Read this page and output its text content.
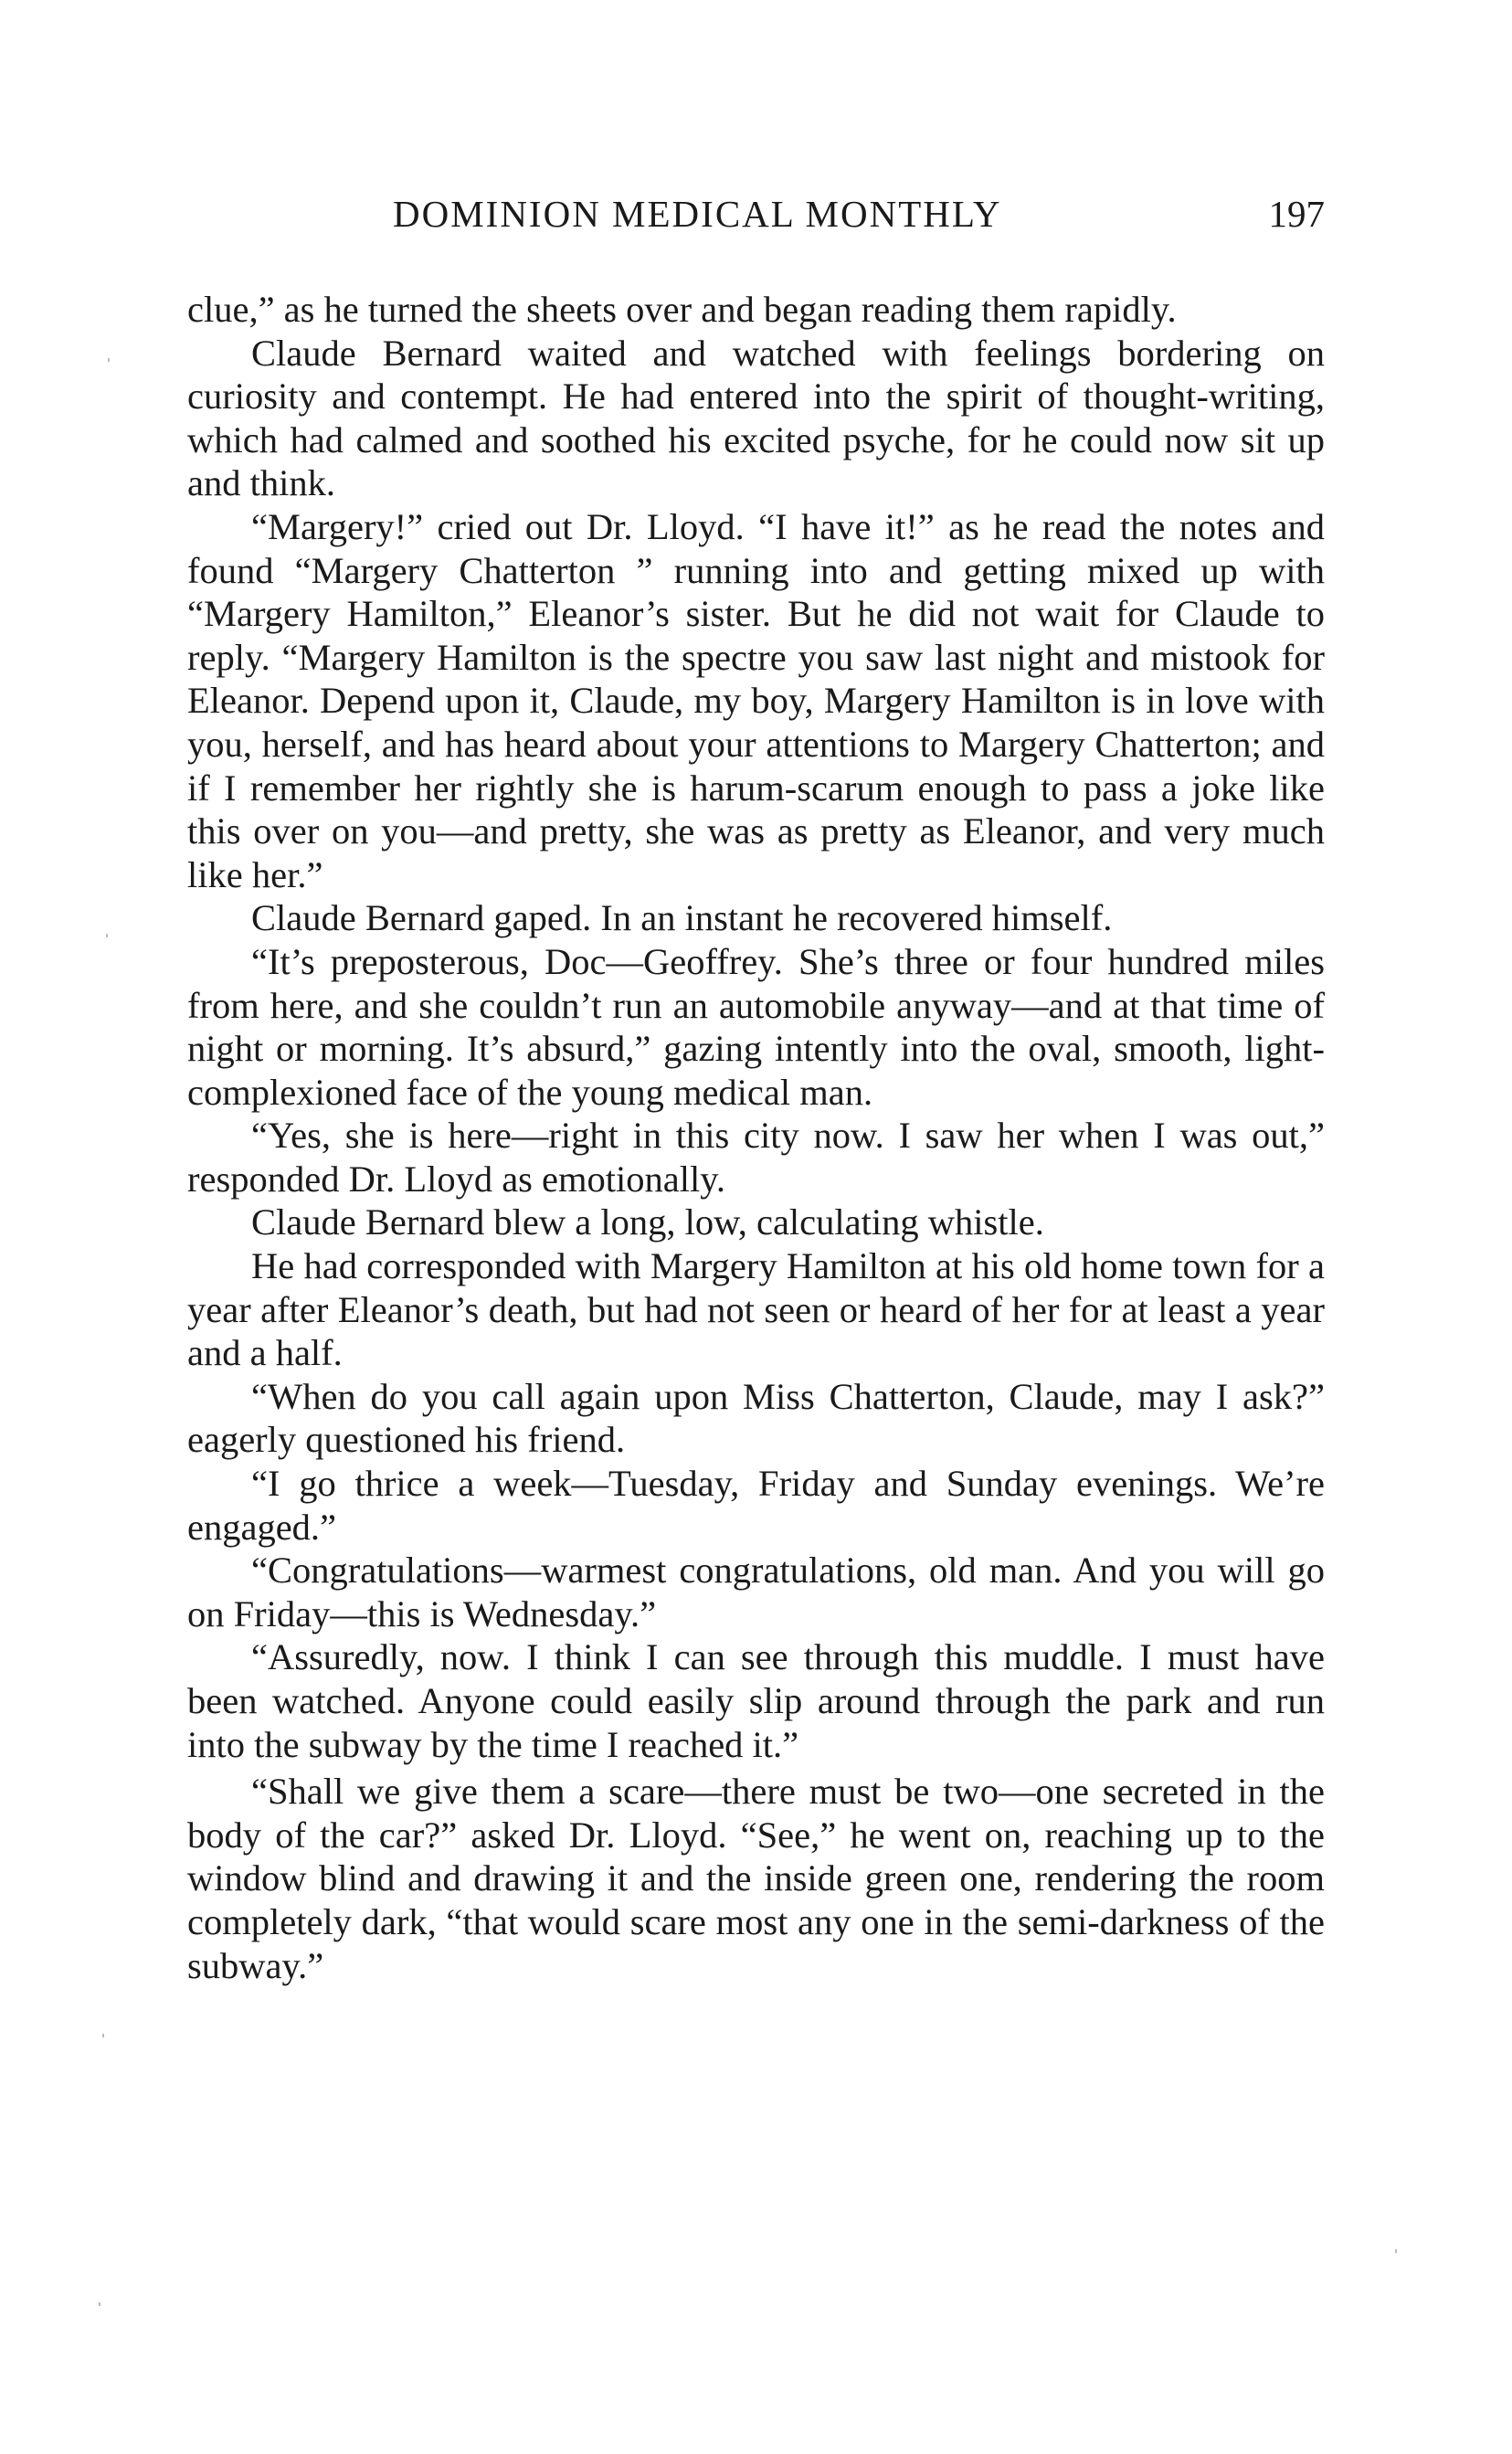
DOMINION MEDICAL MONTHLY	197

clue,” as he turned the sheets over and began reading them rapidly.

Claude Bernard waited and watched with feelings bordering on curiosity and contempt. He had entered into the spirit of thought-writing, which had calmed and soothed his excited psyche, for he could now sit up and think.

“Margery!” cried out Dr. Lloyd. “I have it!” as he read the notes and found “Margery Chatterton ” running into and getting mixed up with “Margery Hamilton,” Eleanor’s sister. But he did not wait for Claude to reply. “Margery Hamilton is the spectre you saw last night and mistook for Eleanor. Depend upon it, Claude, my boy, Margery Hamilton is in love with you, herself, and has heard about your attentions to Margery Chatterton; and if I remember her rightly she is harum-scarum enough to pass a joke like this over on you—and pretty, she was as pretty as Eleanor, and very much like her.”

Claude Bernard gaped. In an instant he recovered himself.

“It’s preposterous, Doc—Geoffrey. She’s three or four hundred miles from here, and she couldn’t run an automobile anyway—and at that time of night or morning. It’s absurd,” gazing intently into the oval, smooth, light-complexioned face of the young medical man.

“Yes, she is here—right in this city now. I saw her when I was out,” responded Dr. Lloyd as emotionally.

Claude Bernard blew a long, low, calculating whistle.

He had corresponded with Margery Hamilton at his old home town for a year after Eleanor’s death, but had not seen or heard of her for at least a year and a half.

“When do you call again upon Miss Chatterton, Claude, may I ask?” eagerly questioned his friend.

“I go thrice a week—Tuesday, Friday and Sunday evenings. We’re engaged.”

“Congratulations—warmest congratulations, old man. And you will go on Friday—this is Wednesday.”

“Assuredly, now. I think I can see through this muddle. I must have been watched. Anyone could easily slip around through the park and run into the subway by the time I reached it.”

“Shall we give them a scare—there must be two—one secreted in the body of the car?” asked Dr. Lloyd. “See,” he went on, reaching up to the window blind and drawing it and the inside green one, rendering the room completely dark, “that would scare most any one in the semi-darkness of the subway.”
